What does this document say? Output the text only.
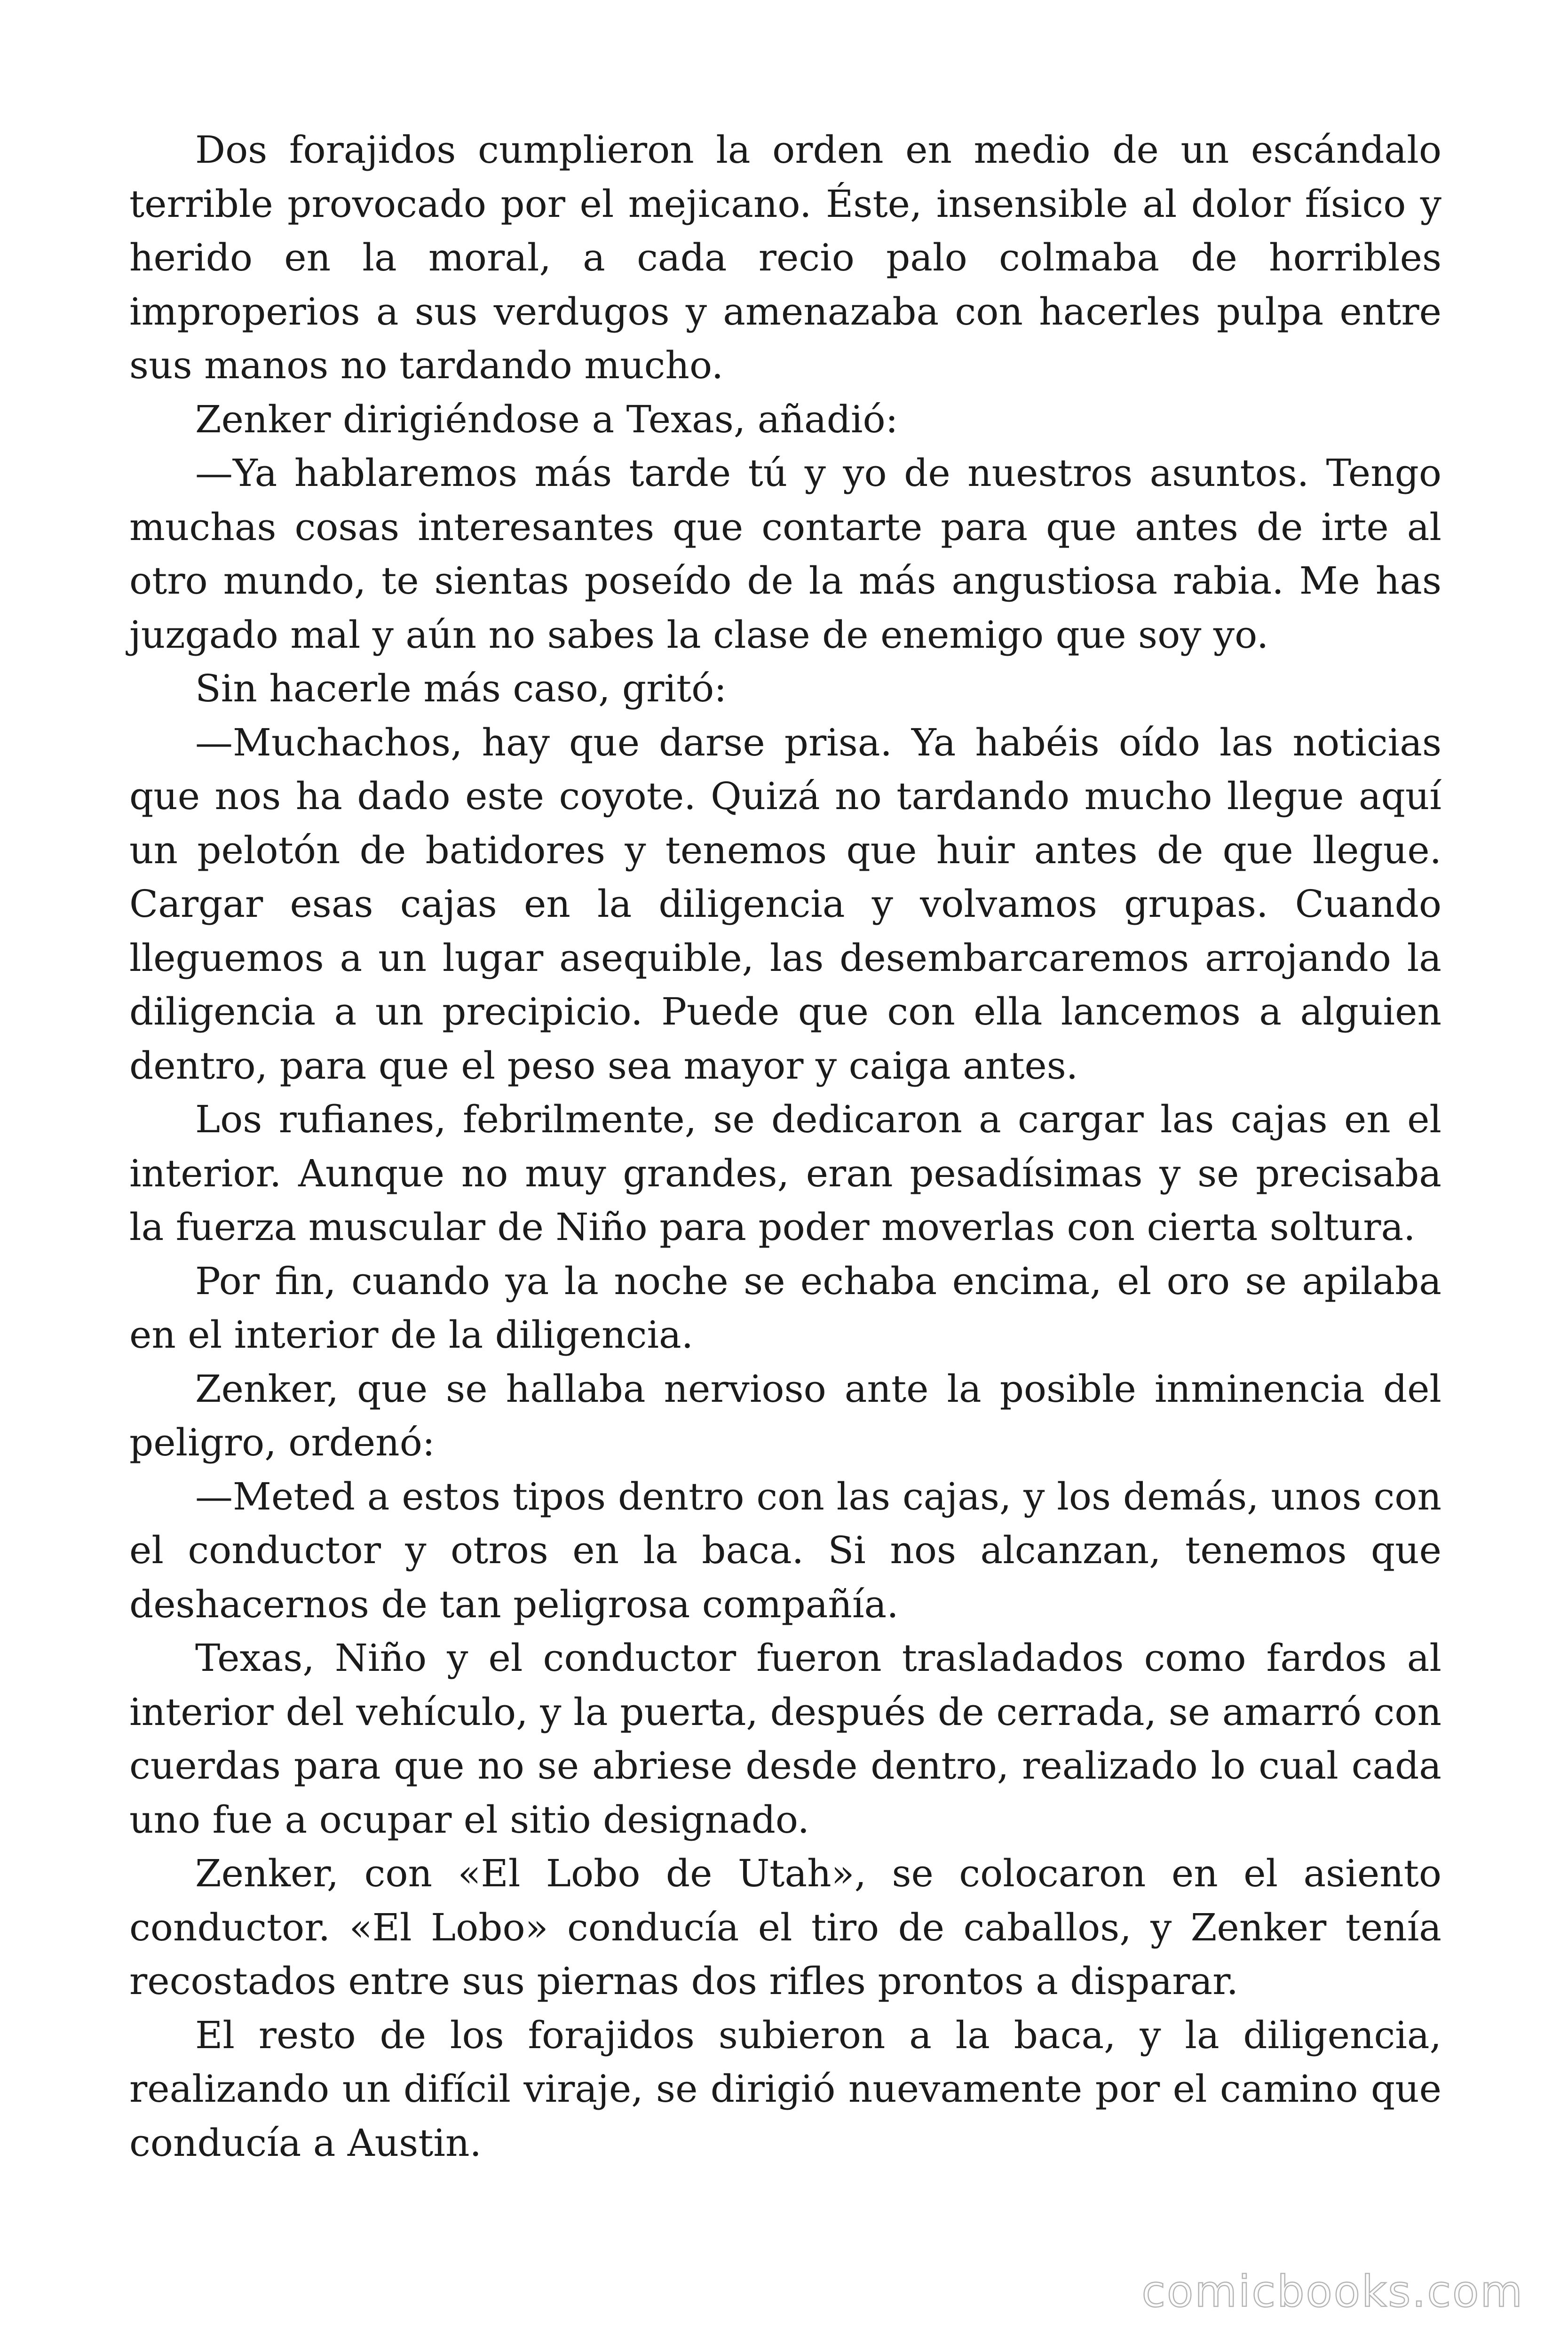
Dos forajidos cumplieron la orden en medio de un escándalo terrible provocado por el mejicano. Éste, insensible al dolor físico y herido en la moral, a cada recio palo colmaba de horribles improperios a sus verdugos y amenazaba con hacerles pulpa entre sus manos no tardando mucho.

Zenker dirigiéndose a Texas, añadió:

—Ya hablaremos más tarde tú y yo de nuestros asuntos. Tengo muchas cosas interesantes que contarte para que antes de irte al otro mundo, te sientas poseído de la más angustiosa rabia. Me has juzgado mal y aún no sabes la clase de enemigo que soy yo.

Sin hacerle más caso, gritó:

—Muchachos, hay que darse prisa. Ya habéis oído las noticias que nos ha dado este coyote. Quizá no tardando mucho llegue aquí un pelotón de batidores y tenemos que huir antes de que llegue. Cargar esas cajas en la diligencia y volvamos grupas. Cuando lleguemos a un lugar asequible, las desembarcaremos arrojando la diligencia a un precipicio. Puede que con ella lancemos a alguien dentro, para que el peso sea mayor y caiga antes.

Los rufianes, febrilmente, se dedicaron a cargar las cajas en el interior. Aunque no muy grandes, eran pesadísimas y se precisaba la fuerza muscular de Niño para poder moverlas con cierta soltura.

Por fin, cuando ya la noche se echaba encima, el oro se apilaba en el interior de la diligencia.

Zenker, que se hallaba nervioso ante la posible inminencia del peligro, ordenó:

—Meted a estos tipos dentro con las cajas, y los demás, unos con el conductor y otros en la baca. Si nos alcanzan, tenemos que deshacernos de tan peligrosa compañía.

Texas, Niño y el conductor fueron trasladados como fardos al interior del vehículo, y la puerta, después de cerrada, se amarró con cuerdas para que no se abriese desde dentro, realizado lo cual cada uno fue a ocupar el sitio designado.

Zenker, con «El Lobo de Utah», se colocaron en el asiento conductor. «El Lobo» conducía el tiro de caballos, y Zenker tenía recostados entre sus piernas dos rifles prontos a disparar.

El resto de los forajidos subieron a la baca, y la diligencia, realizando un difícil viraje, se dirigió nuevamente por el camino que conducía a Austin.

comicbooks.com
